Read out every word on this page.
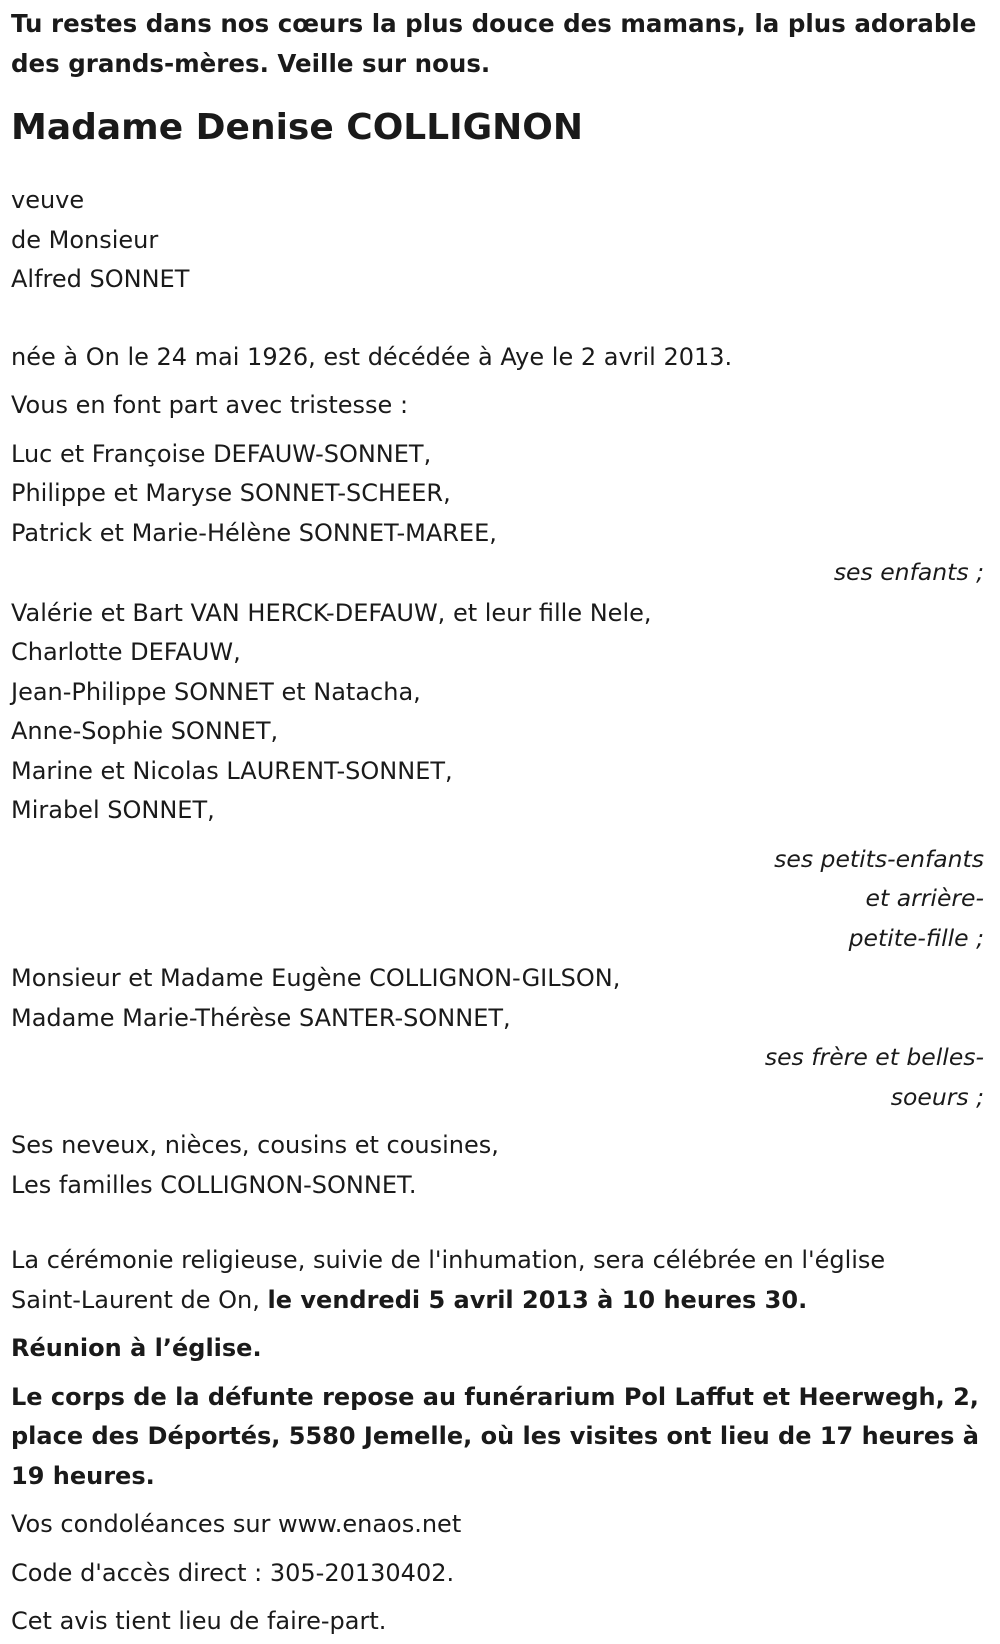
Tu restes dans nos cœurs la plus douce des mamans, la plus adorable des grands-mères. Veille sur nous.
Madame Denise COLLIGNON
veuve
de Monsieur
Alfred SONNET
née à On le 24 mai 1926, est décédée à Aye le 2 avril 2013.
Vous en font part avec tristesse :
Luc et Françoise DEFAUW-SONNET,
Philippe et Maryse SONNET-SCHEER,
Patrick et Marie-Hélène SONNET-MAREE,
ses enfants ;
Valérie et Bart VAN HERCK-DEFAUW, et leur fille Nele,
Charlotte DEFAUW,
Jean-Philippe SONNET et Natacha,
Anne-Sophie SONNET,
Marine et Nicolas LAURENT-SONNET,
Mirabel SONNET,
ses petits-enfants
et arrière-
petite-fille ;
Monsieur et Madame Eugène COLLIGNON-GILSON,
Madame Marie-Thérèse SANTER-SONNET,
ses frère et belles-
soeurs ;
Ses neveux, nièces, cousins et cousines,
Les familles COLLIGNON-SONNET.
La cérémonie religieuse, suivie de l'inhumation, sera célébrée en l'église
Saint-Laurent de On, le vendredi 5 avril 2013 à 10 heures 30.
Réunion à l’église.
Le corps de la défunte repose au funérarium Pol Laffut et Heerwegh, 2, place des Déportés, 5580 Jemelle, où les visites ont lieu de 17 heures à 19 heures.
Vos condoléances sur www.enaos.net
Code d'accès direct : 305-20130402.
Cet avis tient lieu de faire-part.
